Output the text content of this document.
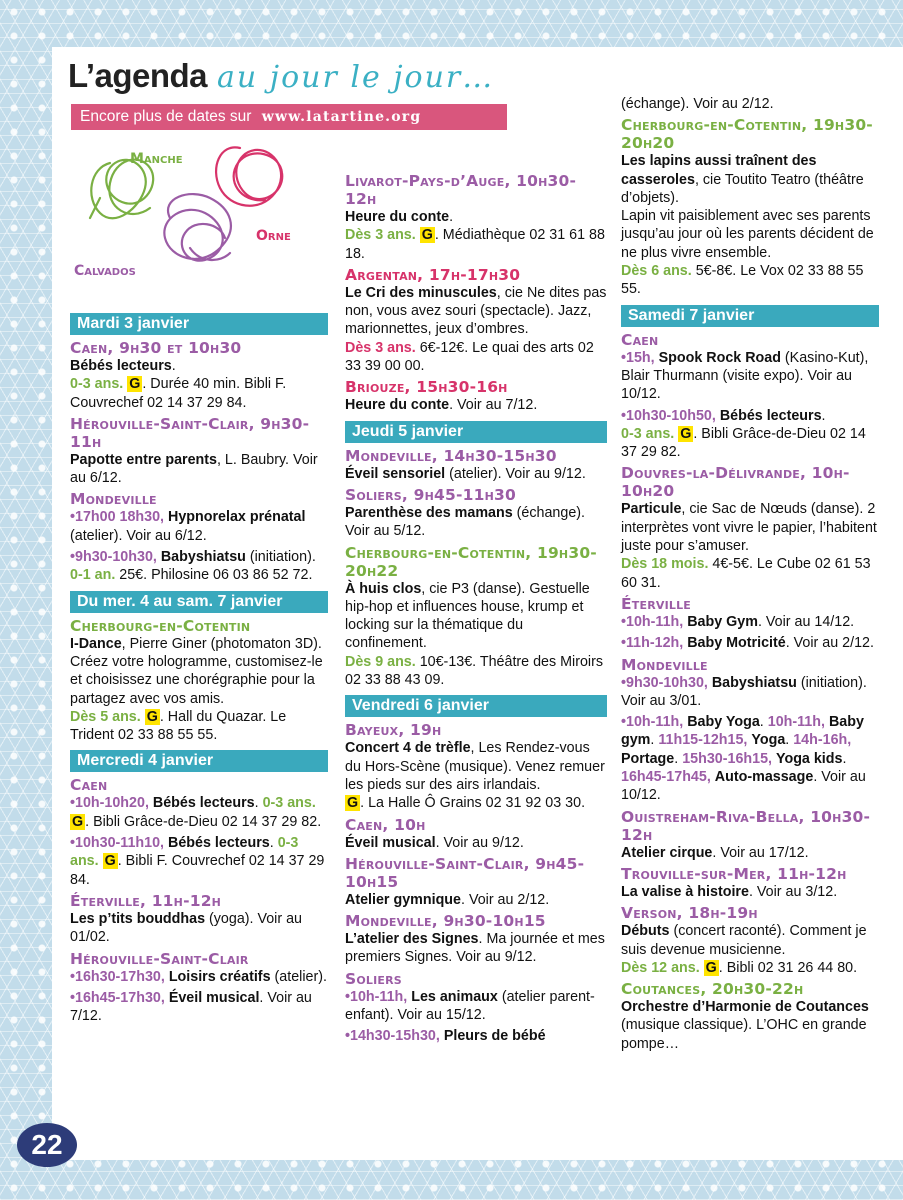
L’agenda au jour le jour…
Encore plus de dates sur www.latartine.org
Manche
Orne
Calvados
Mardi 3 janvier
Caen, 9h30 et 10h30
Bébés lecteurs.
0-3 ans. G . Durée 40 min. Bibli F. Couvrechef 02 14 37 29 84.
Hérouville-Saint-Clair, 9h30-11h
Papotte entre parents, L. Baubry. Voir au 6/12.
Mondeville
•17h00 18h30, Hypnorelax prénatal (atelier). Voir au 6/12.
•9h30-10h30, Babyshiatsu (initiation). 0-1 an. 25€. Philosine 06 03 86 52 72.
Du mer. 4 au sam. 7 janvier
Cherbourg-en-Cotentin
I-Dance, Pierre Giner (photomaton 3D). Créez votre hologramme, customisez-le et choisissez une chorégraphie pour la partagez avec vos amis.
Dès 5 ans. G . Hall du Quazar. Le Trident 02 33 88 55 55.
Mercredi 4 janvier
Caen
•10h-10h20, Bébés lecteurs. 0-3 ans. G . Bibli Grâce-de-Dieu 02 14 37 29 82.
•10h30-11h10, Bébés lecteurs. 0-3 ans. G . Bibli F. Couvrechef 02 14 37 29 84.
Éterville, 11h-12h
Les p’tits bouddhas (yoga). Voir au 01/02.
Hérouville-Saint-Clair
•16h30-17h30, Loisirs créatifs (atelier).
•16h45-17h30, Éveil musical. Voir au 7/12.
Livarot-Pays-d’Auge, 10h30-12h
Heure du conte.
Dès 3 ans. G . Médiathèque 02 31 61 88 18.
Argentan, 17h-17h30
Le Cri des minuscules, cie Ne dites pas non, vous avez souri (spectacle). Jazz, marionnettes, jeux d’ombres.
Dès 3 ans. 6€-12€. Le quai des arts 02 33 39 00 00.
Briouze, 15h30-16h
Heure du conte. Voir au 7/12.
Jeudi 5 janvier
Mondeville, 14h30-15h30
Éveil sensoriel (atelier). Voir au 9/12.
Soliers, 9h45-11h30
Parenthèse des mamans (échange). Voir au 5/12.
Cherbourg-en-Cotentin, 19h30-20h22
À huis clos, cie P3 (danse). Gestuelle hip-hop et influences house, krump et locking sur la thématique du confinement.
Dès 9 ans. 10€-13€. Théâtre des Miroirs 02 33 88 43 09.
Vendredi 6 janvier
Bayeux, 19h
Concert 4 de trèfle, Les Rendez-vous du Hors-Scène (musique). Venez remuer les pieds sur des airs irlandais.
G . La Halle Ô Grains 02 31 92 03 30.
Caen, 10h
Éveil musical. Voir au 9/12.
Hérouville-Saint-Clair, 9h45-10h15
Atelier gymnique. Voir au 2/12.
Mondeville, 9h30-10h15
L’atelier des Signes. Ma journée et mes premiers Signes. Voir au 9/12.
Soliers
•10h-11h, Les animaux (atelier parent- enfant). Voir au 15/12.
•14h30-15h30, Pleurs de bébé
(échange). Voir au 2/12.
Cherbourg-en-Cotentin, 19h30-20h20
Les lapins aussi traînent des casseroles, cie Toutito Teatro (théâtre d’objets).
Lapin vit paisiblement avec ses parents jusqu’au jour où les parents décident de ne plus vivre ensemble.
Dès 6 ans. 5€-8€. Le Vox 02 33 88 55 55.
Samedi 7 janvier
Caen
•15h, Spook Rock Road (Kasino-Kut), Blair Thurmann (visite expo). Voir au 10/12.
•10h30-10h50, Bébés lecteurs.
0-3 ans. G . Bibli Grâce-de-Dieu 02 14 37 29 82.
Douvres-la-Délivrande, 10h-10h20
Particule, cie Sac de Nœuds (danse). 2 interprètes vont vivre le papier, l’habitent juste pour s’amuser.
Dès 18 mois. 4€-5€. Le Cube 02 61 53 60 31.
Éterville
•10h-11h, Baby Gym. Voir au 14/12.
•11h-12h, Baby Motricité. Voir au 2/12.
Mondeville
•9h30-10h30, Babyshiatsu (initiation). Voir au 3/01.
•10h-11h, Baby Yoga. 10h-11h, Baby gym. 11h15-12h15, Yoga. 14h-16h, Portage. 15h30-16h15, Yoga kids. 16h45-17h45, Auto-massage. Voir au 10/12.
Ouistreham-Riva-Bella, 10h30-12h
Atelier cirque. Voir au 17/12.
Trouville-sur-Mer, 11h-12h
La valise à histoire. Voir au 3/12.
Verson, 18h-19h
Débuts (concert raconté). Comment je suis devenue musicienne.
Dès 12 ans. G . Bibli 02 31 26 44 80.
Coutances, 20h30-22h
Orchestre d’Harmonie de Coutances (musique classique). L’OHC en grande pompe…
22
